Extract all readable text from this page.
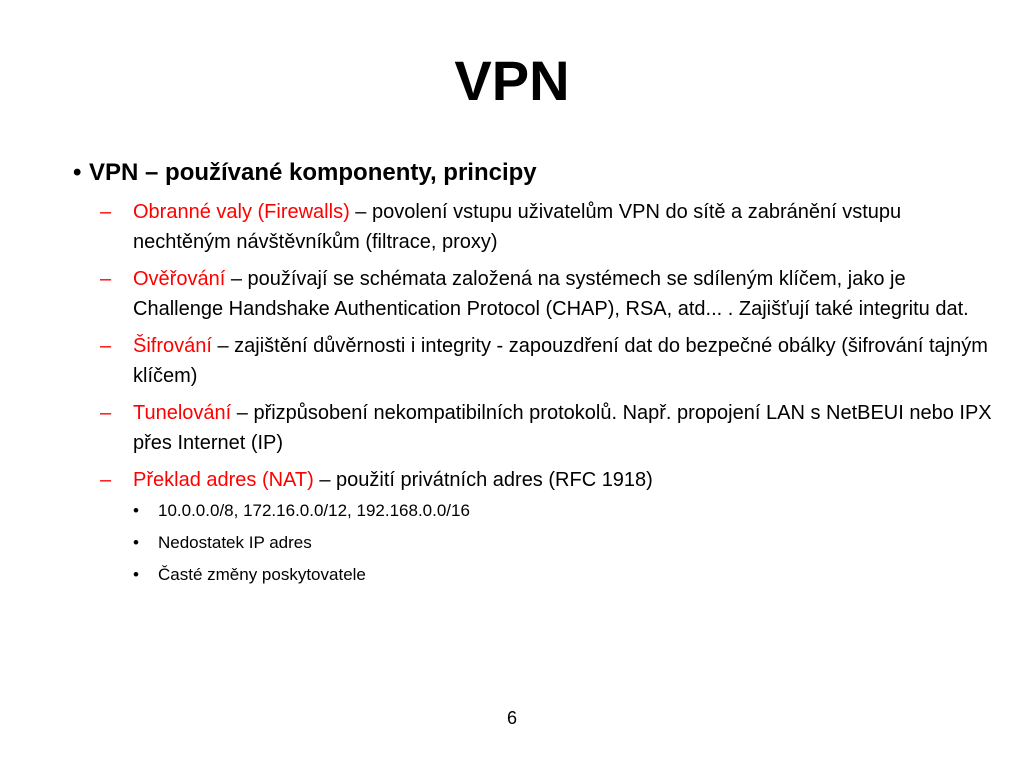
VPN
• VPN – používané komponenty, principy
– Obranné valy (Firewalls) – povolení vstupu uživatelům VPN do sítě a zabránění vstupu nechtěným návštěvníkům (filtrace, proxy)
– Ověřování – používají se schémata založená na systémech se sdíleným klíčem, jako je Challenge Handshake Authentication Protocol (CHAP), RSA, atd... . Zajišťují také integritu dat.
– Šifrování – zajištění důvěrnosti i integrity - zapouzdření dat do bezpečné obálky (šifrování tajným klíčem)
– Tunelování – přizpůsobení nekompatibilních protokolů. Např. propojení LAN s NetBEUI nebo IPX přes Internet (IP)
– Překlad adres (NAT) – použití privátních adres (RFC 1918)
• 10.0.0.0/8, 172.16.0.0/12, 192.168.0.0/16
• Nedostatek IP adres
• Časté změny poskytovatele
6
